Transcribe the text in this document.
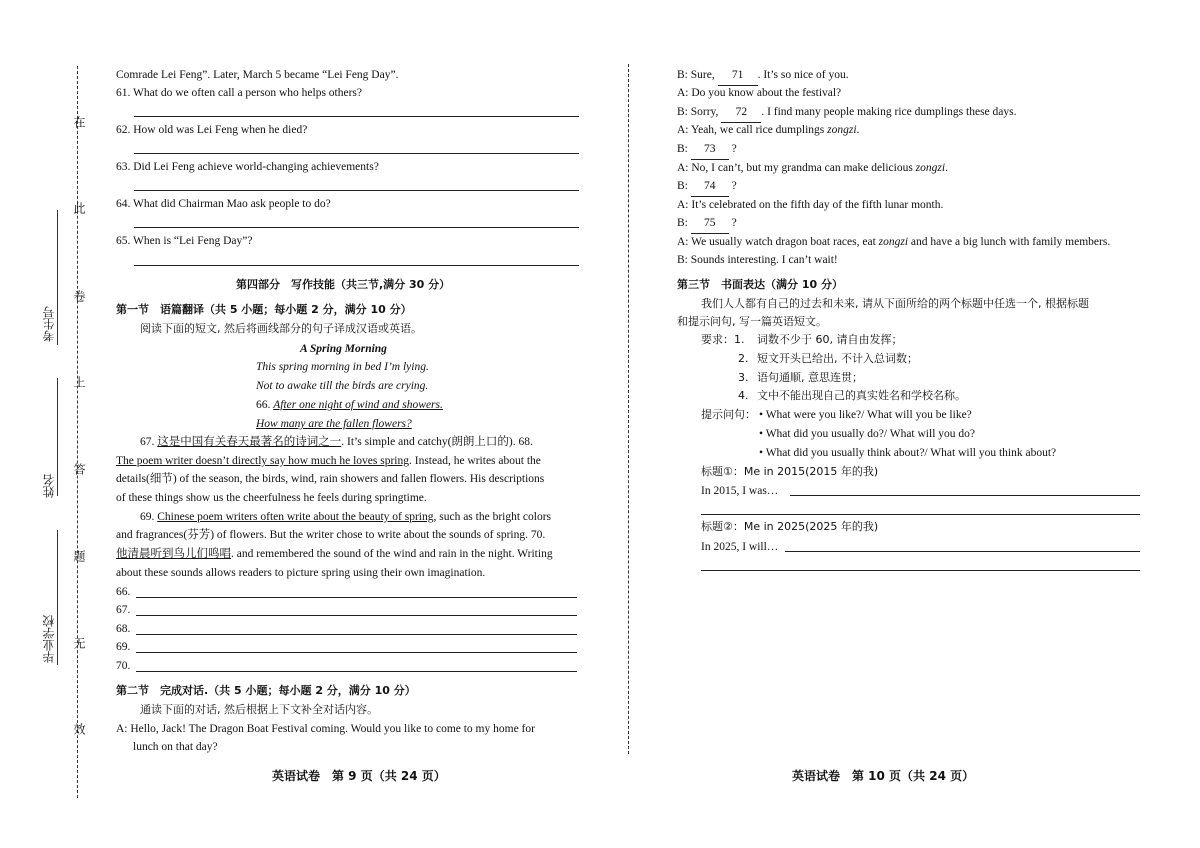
在
此
卷
上
答
题
无
效
考生号
姓名
毕业学校
Comrade Lei Feng”. Later, March 5 became “Lei Feng Day”.
61. What do we often call a person who helps others?
62. How old was Lei Feng when he died?
63. Did Lei Feng achieve world-changing achievements?
64. What did Chairman Mao ask people to do?
65. When is “Lei Feng Day”?
第四部分　写作技能（共三节,满分 30 分）
第一节　语篇翻译（共 5 小题；每小题 2 分，满分 10 分）
阅读下面的短文, 然后将画线部分的句子译成汉语或英语。
A Spring Morning
This spring morning in bed I’m lying.
Not to awake till the birds are crying.
66. After one night of wind and showers.
How many are the fallen flowers?
67. 这是中国有关春天最著名的诗词之一. It’s simple and catchy(朗朗上口的). 68.
The poem writer doesn’t directly say how much he loves spring. Instead, he writes about the
details(细节) of the season, the birds, wind, rain showers and fallen flowers. His descriptions
of these things show us the cheerfulness he feels during springtime.
69. Chinese poem writers often write about the beauty of spring, such as the bright colors
and fragrances(芬芳) of flowers. But the writer chose to write about the sounds of spring. 70.
他清晨听到鸟儿们鸣唱. and remembered the sound of the wind and rain in the night. Writing
about these sounds allows readers to picture spring using their own imagination.
66.
67.
68.
69.
70.
第二节　完成对话.（共 5 小题；每小题 2 分，满分 10 分）
通读下面的对话, 然后根据上下文补全对话内容。
A: Hello, Jack! The Dragon Boat Festival coming. Would you like to come to my home for
lunch on that day?
英语试卷　第 9 页（共 24 页）
B: Sure, 71 . It’s so nice of you.
A: Do you know about the festival?
B: Sorry, 72 . I find many people making rice dumplings these days.
A: Yeah, we call rice dumplings zongzi.
B: 73 ?
A: No, I can’t, but my grandma can make delicious zongzi.
B: 74 ?
A: It’s celebrated on the fifth day of the fifth lunar month.
B: 75 ?
A: We usually watch dragon boat races, eat zongzi and have a big lunch with family members.
B: Sounds interesting. I can’t wait!
第三节　书面表达（满分 10 分）
我们人人都有自己的过去和未来, 请从下面所给的两个标题中任选一个, 根据标题
和提示问句, 写一篇英语短文。
要求：1. 词数不少于 60, 请自由发挥；
2. 短文开头已给出, 不计入总词数；
3. 语句通顺, 意思连贯；
4. 文中不能出现自己的真实姓名和学校名称。
提示问句： • What were you like?/ What will you be like?
• What did you usually do?/ What will you do?
• What did you usually think about?/ What will you think about?
标题①：Me in 2015(2015 年的我)
In 2015, I was…
标题②：Me in 2025(2025 年的我)
In 2025, I will…
英语试卷　第 10 页（共 24 页）
